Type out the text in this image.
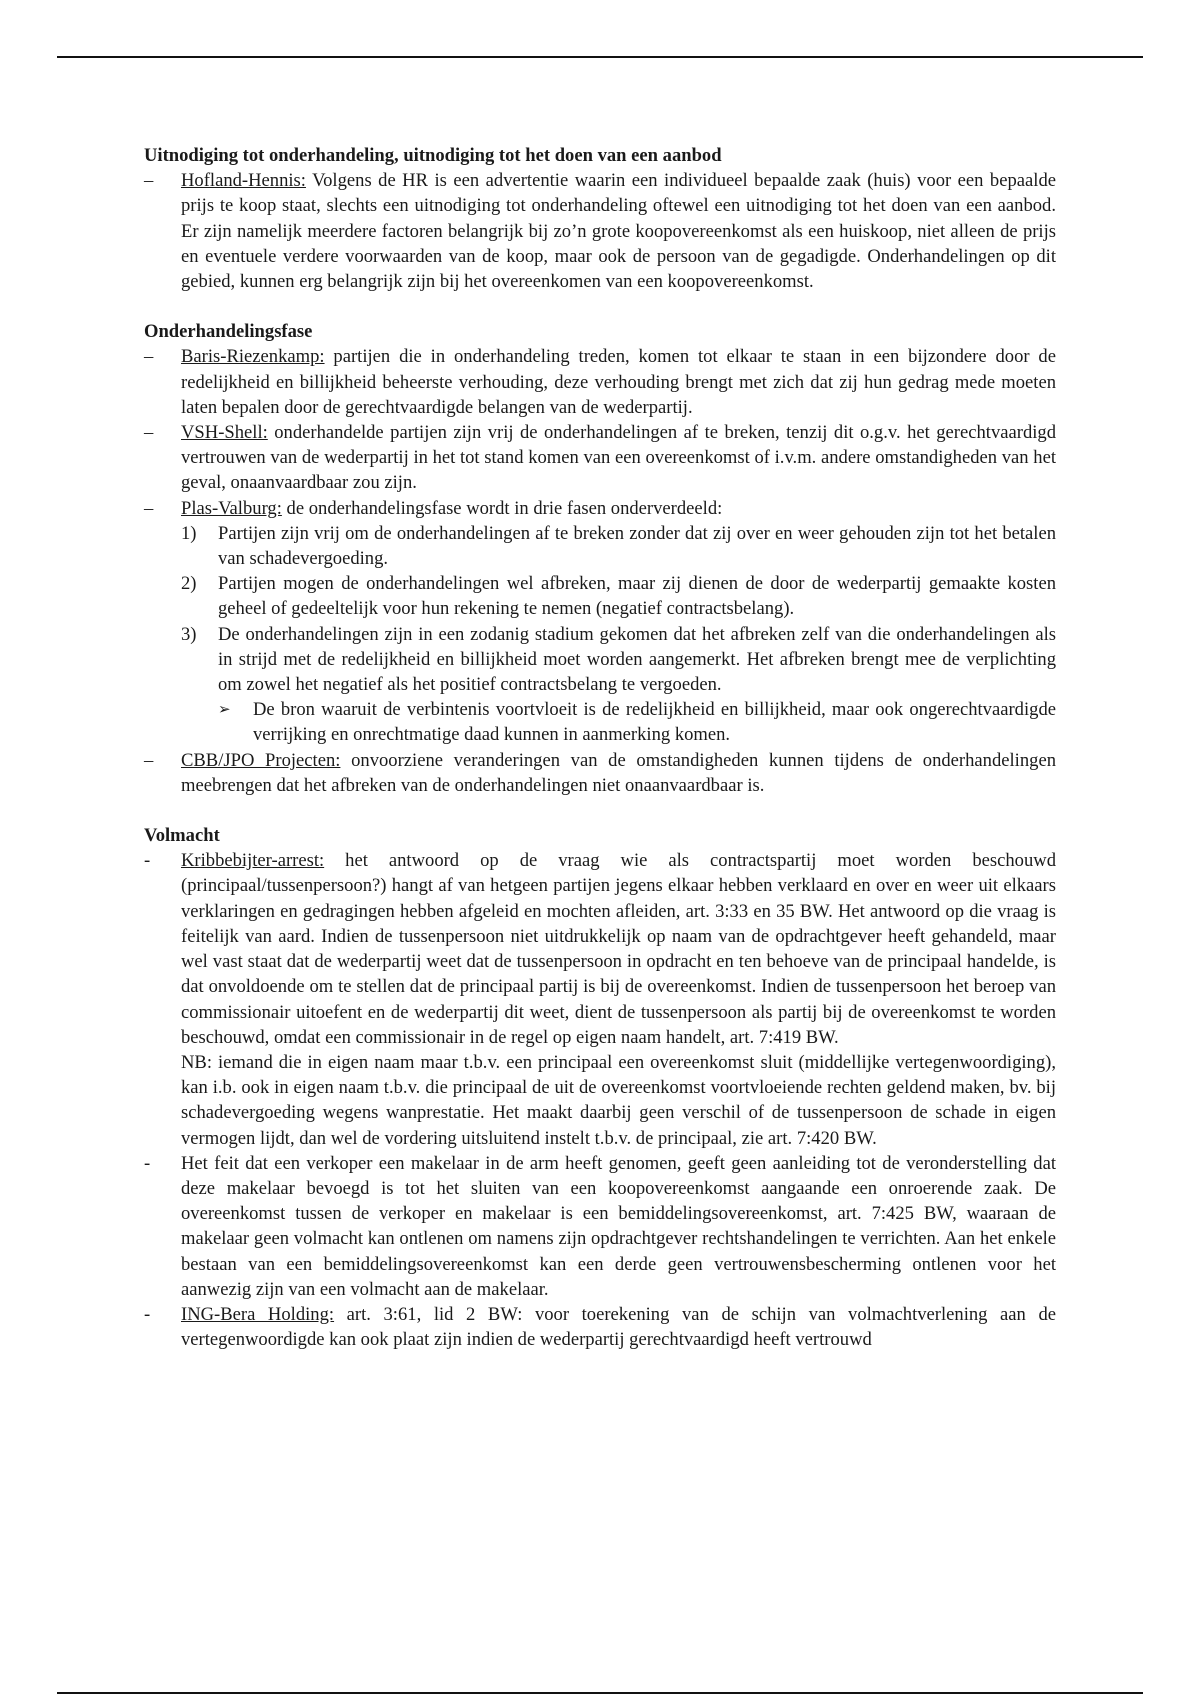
Uitnodiging tot onderhandeling, uitnodiging tot het doen van een aanbod

– Hofland-Hennis: Volgens de HR is een advertentie waarin een individueel bepaalde zaak (huis) voor een bepaalde prijs te koop staat, slechts een uitnodiging tot onderhandeling oftewel een uitnodiging tot het doen van een aanbod. Er zijn namelijk meerdere factoren belangrijk bij zo’n grote koopovereenkomst als een huiskoop, niet alleen de prijs en eventuele verdere voorwaarden van de koop, maar ook de persoon van de gegadigde. Onderhandelingen op dit gebied, kunnen erg belangrijk zijn bij het overeenkomen van een koopovereenkomst.

Onderhandelingsfase

– Baris-Riezenkamp: partijen die in onderhandeling treden, komen tot elkaar te staan in een bijzondere door de redelijkheid en billijkheid beheerste verhouding, deze verhouding brengt met zich dat zij hun gedrag mede moeten laten bepalen door de gerechtvaardigde belangen van de wederpartij.

– VSH-Shell: onderhandelde partijen zijn vrij de onderhandelingen af te breken, tenzij dit o.g.v. het gerechtvaardigd vertrouwen van de wederpartij in het tot stand komen van een overeenkomst of i.v.m. andere omstandigheden van het geval, onaanvaardbaar zou zijn.

– Plas-Valburg: de onderhandelingsfase wordt in drie fasen onderverdeeld:

1) Partijen zijn vrij om de onderhandelingen af te breken zonder dat zij over en weer gehouden zijn tot het betalen van schadevergoeding.

2) Partijen mogen de onderhandelingen wel afbreken, maar zij dienen de door de wederpartij gemaakte kosten geheel of gedeeltelijk voor hun rekening te nemen (negatief contractsbelang).

3) De onderhandelingen zijn in een zodanig stadium gekomen dat het afbreken zelf van die onderhandelingen als in strijd met de redelijkheid en billijkheid moet worden aangemerkt. Het afbreken brengt mee de verplichting om zowel het negatief als het positief contractsbelang te vergoeden.

➢ De bron waaruit de verbintenis voortvloeit is de redelijkheid en billijkheid, maar ook ongerechtvaardigde verrijking en onrechtmatige daad kunnen in aanmerking komen.

– CBB/JPO Projecten: onvoorziene veranderingen van de omstandigheden kunnen tijdens de onderhandelingen meebrengen dat het afbreken van de onderhandelingen niet onaanvaardbaar is.

Volmacht
- Kribbebijter-arrest: het antwoord op de vraag wie als contractspartij moet worden beschouwd (principaal/tussenpersoon?) hangt af van hetgeen partijen jegens elkaar hebben verklaard en over en weer uit elkaars verklaringen en gedragingen hebben afgeleid en mochten afleiden, art. 3:33 en 35 BW. Het antwoord op die vraag is feitelijk van aard. Indien de tussenpersoon niet uitdrukkelijk op naam van de opdrachtgever heeft gehandeld, maar wel vast staat dat de wederpartij weet dat de tussenpersoon in opdracht en ten behoeve van de principaal handelde, is dat onvoldoende om te stellen dat de principaal partij is bij de overeenkomst. Indien de tussenpersoon het beroep van commissionair uitoefent en de wederpartij dit weet, dient de tussenpersoon als partij bij de overeenkomst te worden beschouwd, omdat een commissionair in de regel op eigen naam handelt, art. 7:419 BW.

NB: iemand die in eigen naam maar t.b.v. een principaal een overeenkomst sluit (middellijke vertegenwoordiging), kan i.b. ook in eigen naam t.b.v. die principaal de uit de overeenkomst voortvloeiende rechten geldend maken, bv. bij schadevergoeding wegens wanprestatie. Het maakt daarbij geen verschil of de tussenpersoon de schade in eigen vermogen lijdt, dan wel de vordering uitsluitend instelt t.b.v. de principaal, zie art. 7:420 BW.

- Het feit dat een verkoper een makelaar in de arm heeft genomen, geeft geen aanleiding tot de veronderstelling dat deze makelaar bevoegd is tot het sluiten van een koopovereenkomst aangaande een onroerende zaak. De overeenkomst tussen de verkoper en makelaar is een bemiddelingsovereenkomst, art. 7:425 BW, waaraan de makelaar geen volmacht kan ontlenen om namens zijn opdrachtgever rechtshandelingen te verrichten. Aan het enkele bestaan van een bemiddelingsovereenkomst kan een derde geen vertrouwensbescherming ontlenen voor het aanwezig zijn van een volmacht aan de makelaar.

- ING-Bera Holding: art. 3:61, lid 2 BW: voor toerekening van de schijn van volmachtverlening aan de vertegenwoordigde kan ook plaat zijn indien de wederpartij gerechtvaardigd heeft vertrouwd
